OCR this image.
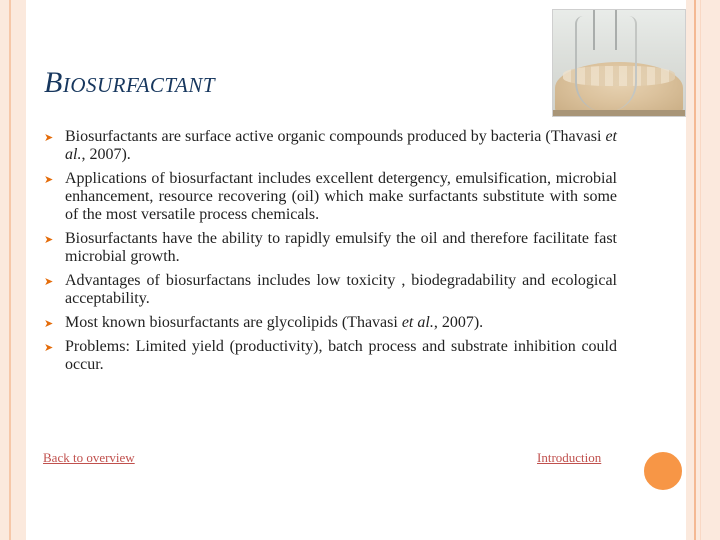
Biosurfactant
➤ Biosurfactants are surface active organic compounds produced by bacteria (Thavasi et al., 2007).
➤ Applications of biosurfactant includes excellent detergency, emulsification, microbial enhancement, resource recovering (oil) which make surfactants substitute with some of the most versatile process chemicals.
➤ Biosurfactants have the ability to rapidly emulsify the oil and therefore facilitate fast microbial growth.
➤ Advantages of biosurfactans includes low toxicity , biodegradability and ecological acceptability.
➤ Most known biosurfactants are glycolipids (Thavasi et al., 2007).
➤ Problems: Limited yield (productivity), batch process and substrate inhibition could occur.
Back to overview	Introduction
